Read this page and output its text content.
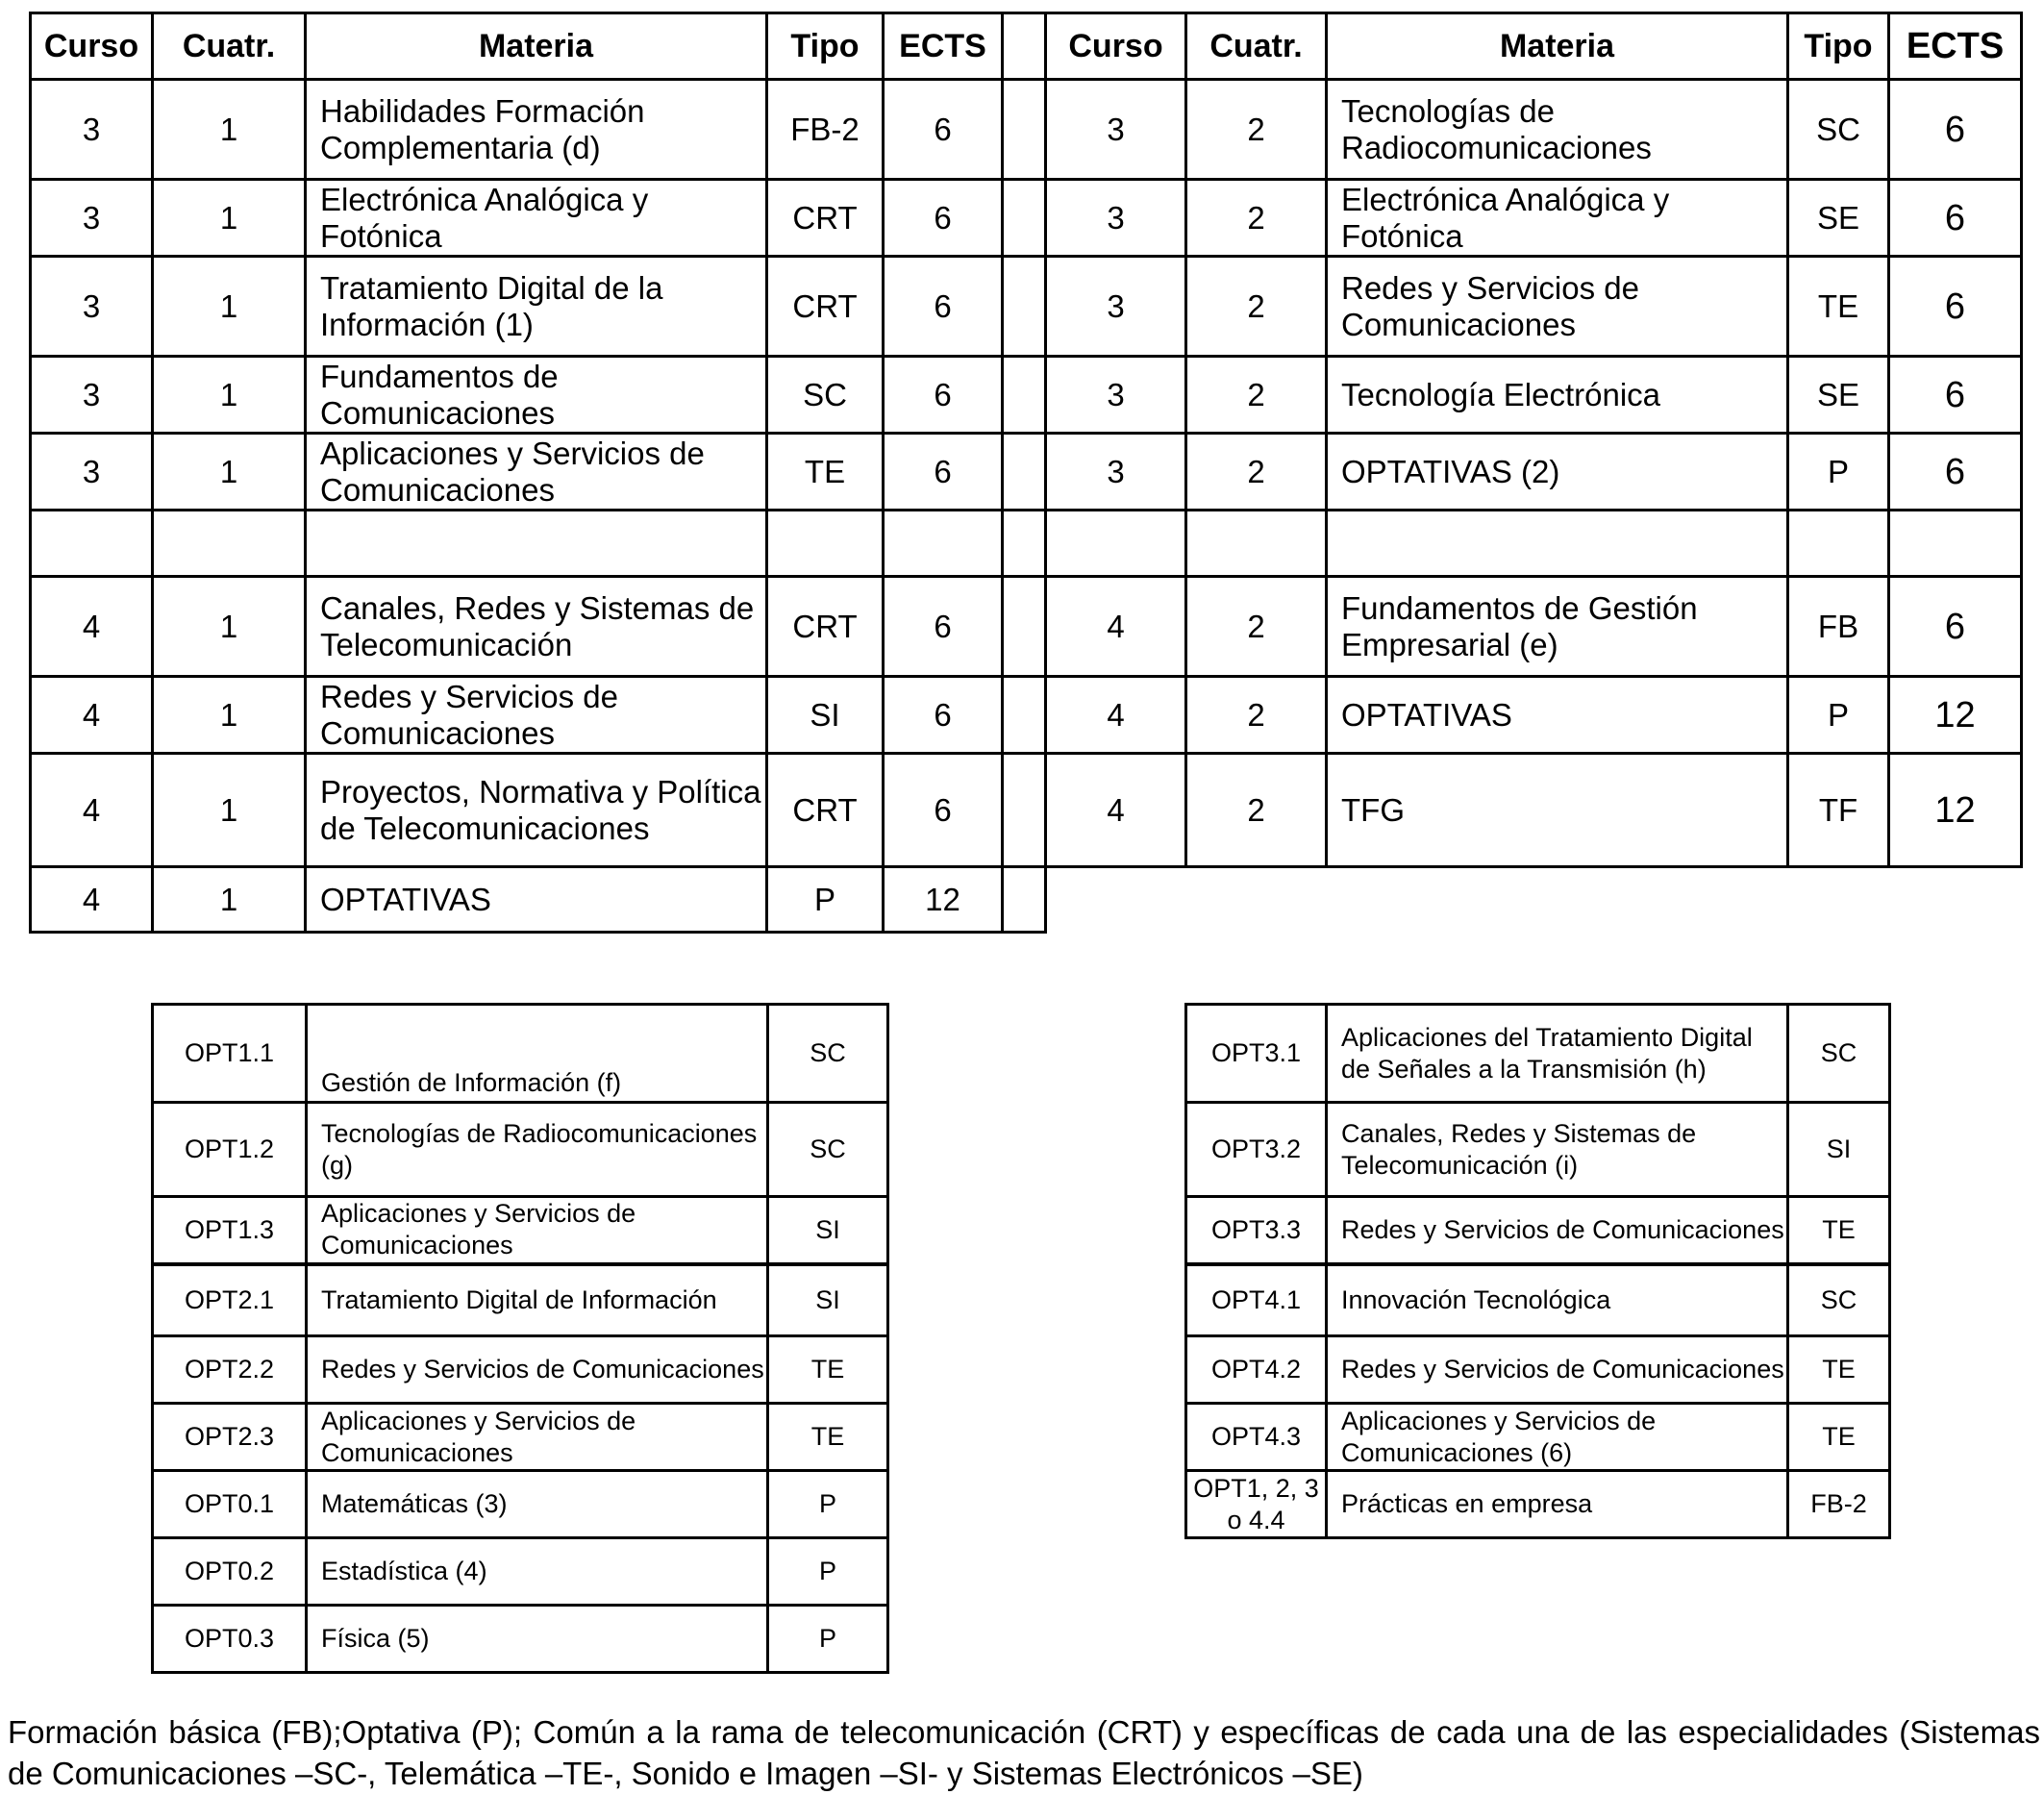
Curso	Cuatr.	Materia	Tipo	ECTS		Curso	Cuatr.	Materia	Tipo	ECTS
3	1	Habilidades Formación Complementaria (d)	FB-2	6		3	2	Tecnologías de Radiocomunicaciones	SC	6
3	1	Electrónica Analógica y Fotónica	CRT	6		3	2	Electrónica Analógica y Fotónica	SE	6
3	1	Tratamiento Digital de la Información (1)	CRT	6		3	2	Redes y Servicios de Comunicaciones	TE	6
3	1	Fundamentos de Comunicaciones	SC	6		3	2	Tecnología Electrónica	SE	6
3	1	Aplicaciones y Servicios de Comunicaciones	TE	6		3	2	OPTATIVAS (2)	P	6

4	1	Canales, Redes y Sistemas de Telecomunicación	CRT	6		4	2	Fundamentos de Gestión Empresarial (e)	FB	6
4	1	Redes y Servicios de Comunicaciones	SI	6		4	2	OPTATIVAS	P	12
4	1	Proyectos, Normativa y Política de Telecomunicaciones	CRT	6		4	2	TFG	TF	12
4	1	OPTATIVAS	P	12						
OPT1.1	Gestión de Información (f)	SC
OPT1.2	Tecnologías de Radiocomunicaciones (g)	SC
OPT1.3	Aplicaciones y Servicios de Comunicaciones	SI
OPT2.1	Tratamiento Digital de Información	SI
OPT2.2	Redes y Servicios de Comunicaciones	TE
OPT2.3	Aplicaciones y Servicios de Comunicaciones	TE
OPT0.1	Matemáticas (3)	P
OPT0.2	Estadística (4)	P
OPT0.3	Física (5)	P
OPT3.1	Aplicaciones del Tratamiento Digital de Señales a la Transmisión (h)	SC
OPT3.2	Canales, Redes y Sistemas de Telecomunicación (i)	SI
OPT3.3	Redes y Servicios de Comunicaciones	TE
OPT4.1	Innovación Tecnológica	SC
OPT4.2	Redes y Servicios de Comunicaciones	TE
OPT4.3	Aplicaciones y Servicios de Comunicaciones (6)	TE
OPT1, 2, 3 o 4.4	Prácticas en empresa	FB-2
Formación básica (FB);Optativa (P); Común a la rama de telecomunicación (CRT) y específicas de cada una de las especialidades (Sistemas de Comunicaciones –SC-, Telemática –TE-, Sonido e Imagen –SI- y Sistemas Electrónicos –SE)
